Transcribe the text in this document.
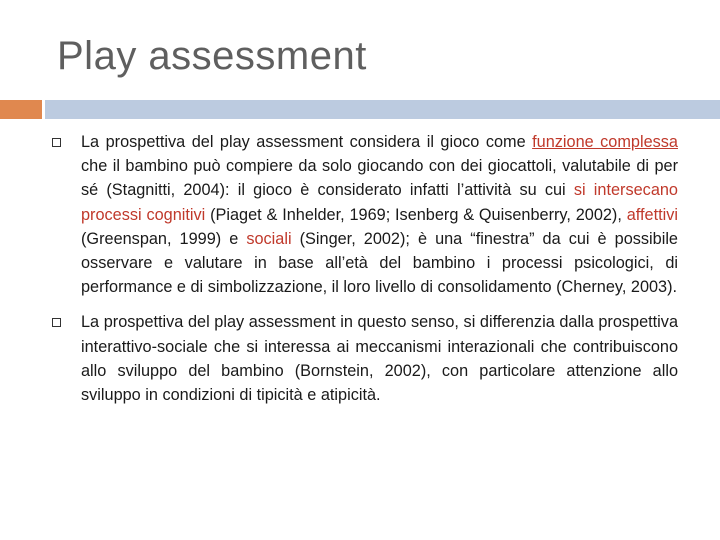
Play assessment
La prospettiva del play assessment considera il gioco come funzione complessa che il bambino può compiere da solo giocando con dei giocattoli, valutabile di per sé (Stagnitti, 2004): il gioco è considerato infatti l’attività su cui si intersecano processi cognitivi (Piaget & Inhelder, 1969; Isenberg & Quisenberry, 2002), affettivi (Greenspan, 1999) e sociali (Singer, 2002); è una “finestra” da cui è possibile osservare e valutare in base all’età del bambino i processi psicologici, di performance e di simbolizzazione, il loro livello di consolidamento (Cherney, 2003).
La prospettiva del play assessment in questo senso, si differenzia dalla prospettiva interattivo-sociale che si interessa ai meccanismi interazionali che contribuiscono allo sviluppo del bambino (Bornstein, 2002), con particolare attenzione allo sviluppo in condizioni di tipicità e atipicità.
